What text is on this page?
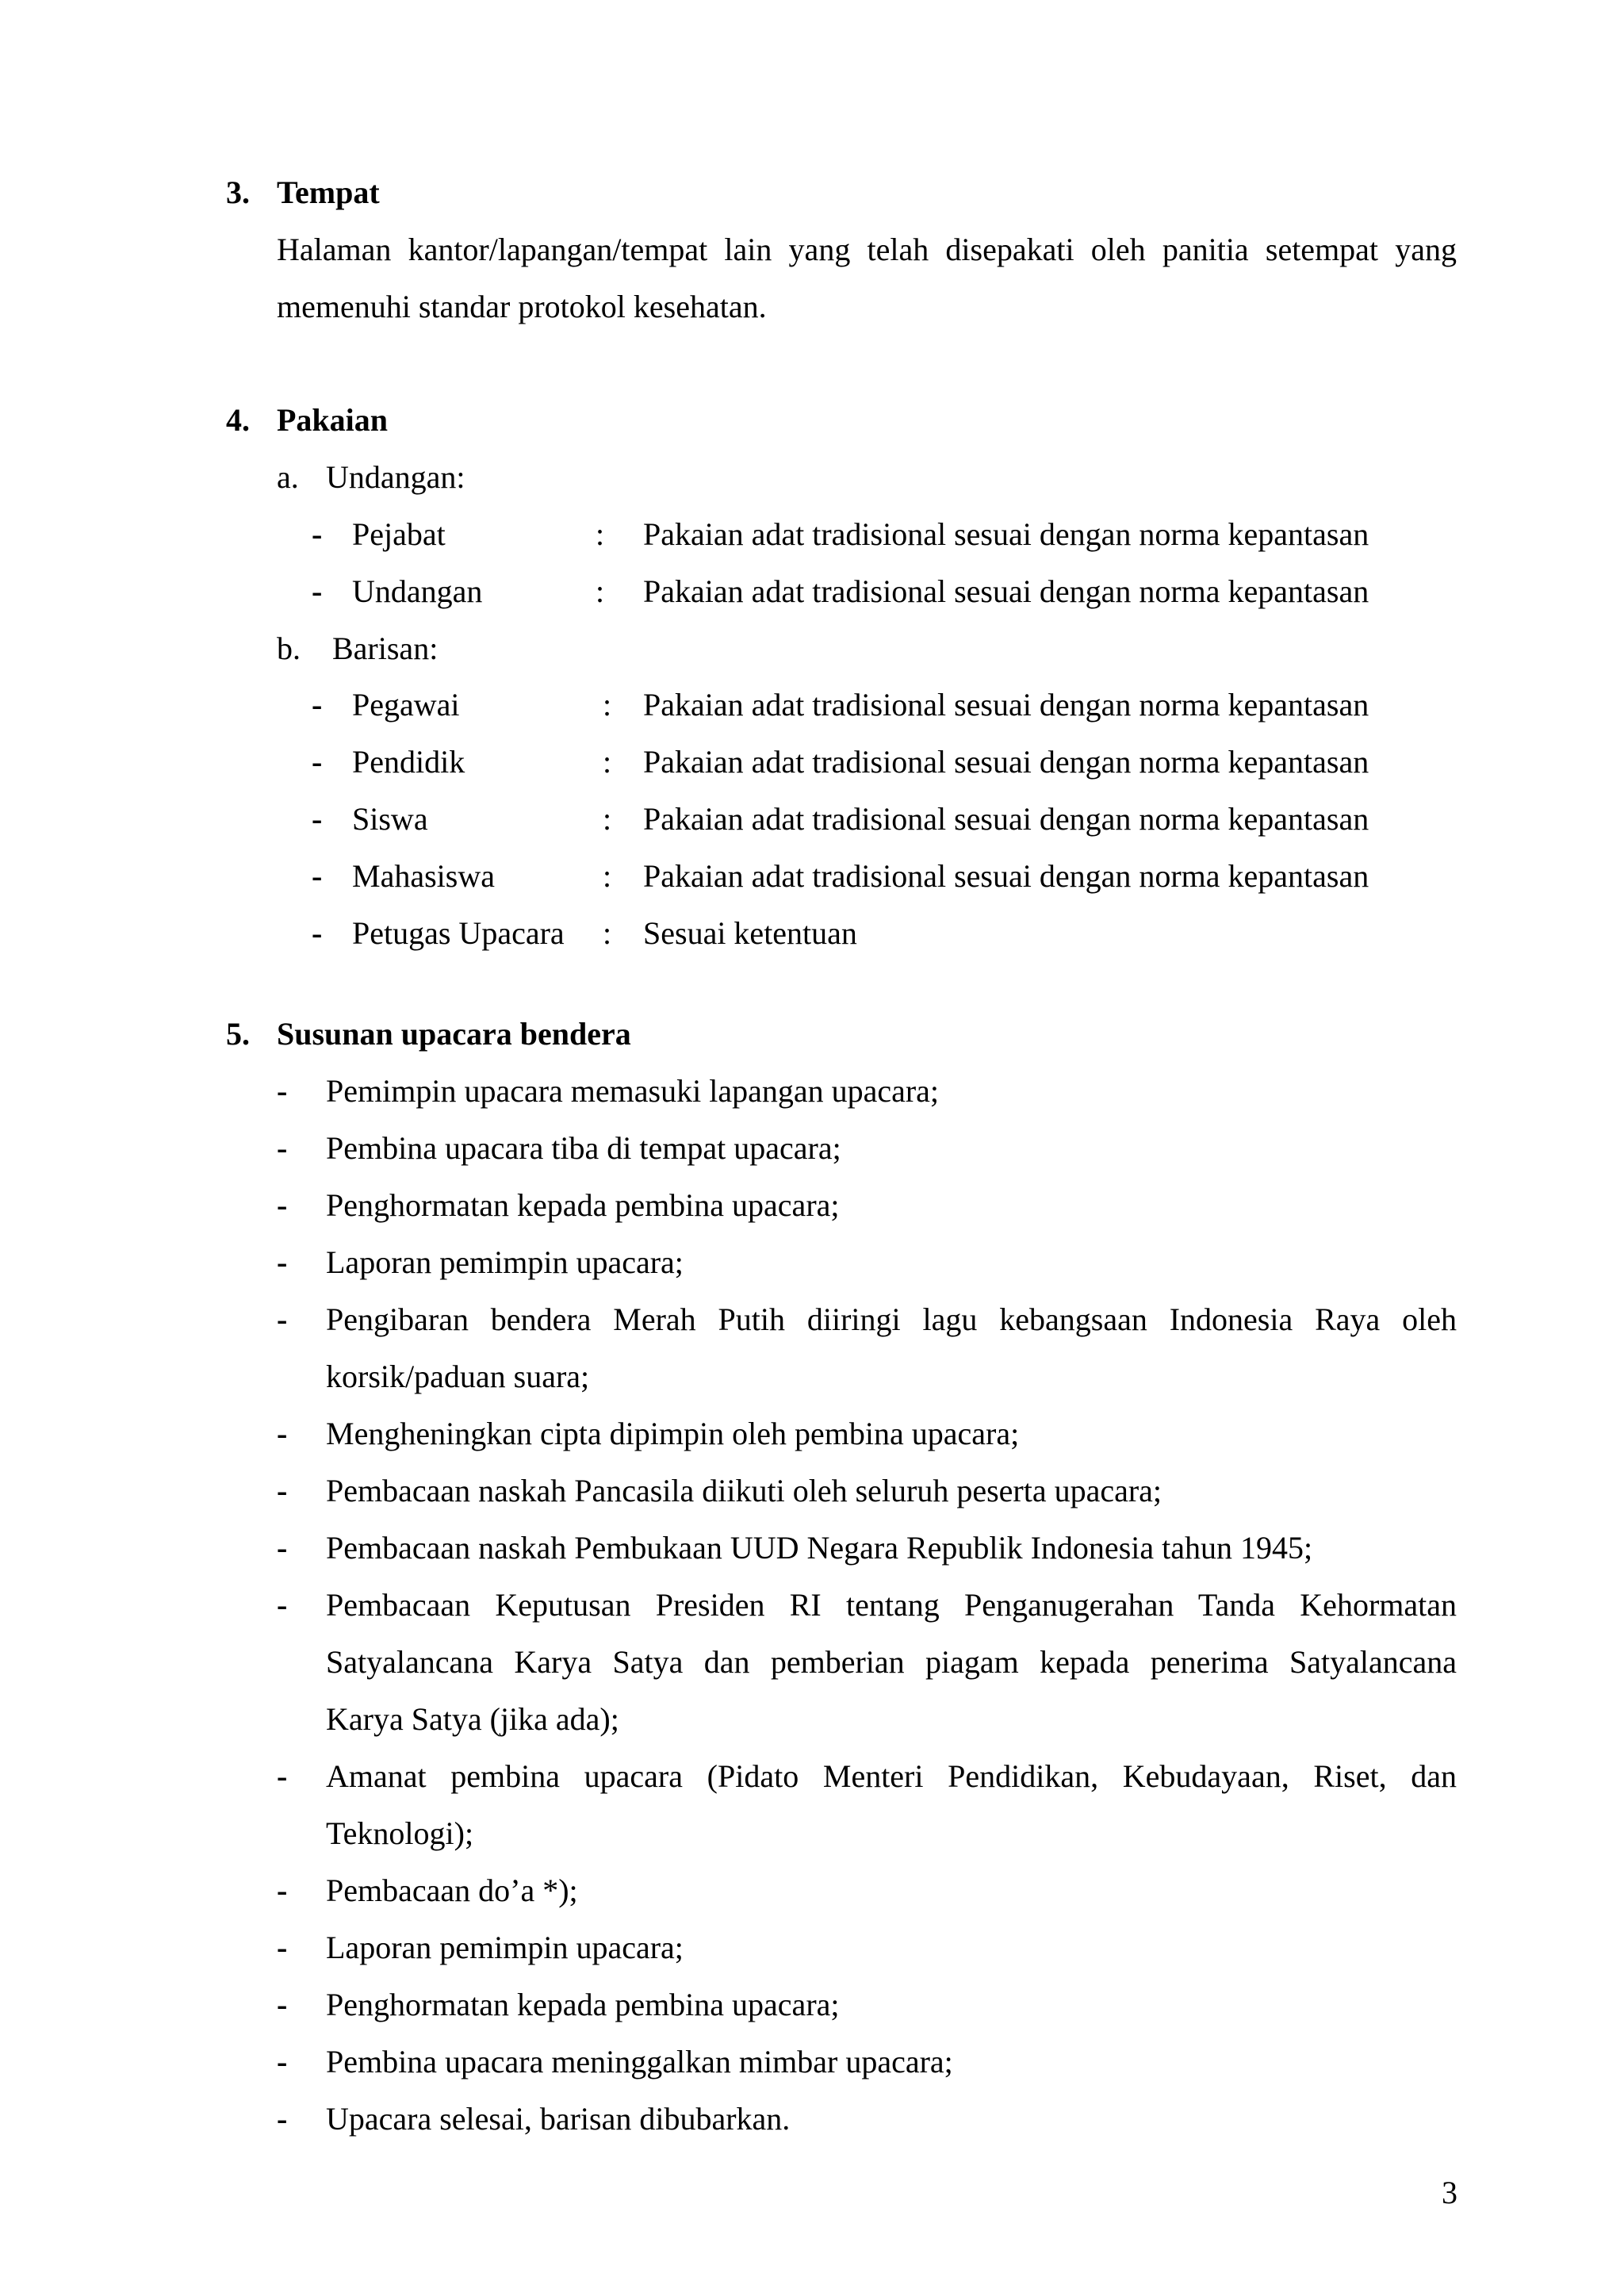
3. Tempat
Halaman kantor/lapangan/tempat lain yang telah disepakati oleh panitia setempat yang
memenuhi standar protokol kesehatan.
4. Pakaian
a. Undangan:
- Pejabat	: Pakaian adat tradisional sesuai dengan norma kepantasan
- Undangan	: Pakaian adat tradisional sesuai dengan norma kepantasan
b. Barisan:
- Pegawai	: Pakaian adat tradisional sesuai dengan norma kepantasan
- Pendidik	: Pakaian adat tradisional sesuai dengan norma kepantasan
- Siswa	: Pakaian adat tradisional sesuai dengan norma kepantasan
- Mahasiswa	: Pakaian adat tradisional sesuai dengan norma kepantasan
- Petugas Upacara : Sesuai ketentuan
5. Susunan upacara bendera
- Pemimpin upacara memasuki lapangan upacara;
- Pembina upacara tiba di tempat upacara;
- Penghormatan kepada pembina upacara;
- Laporan pemimpin upacara;
- Pengibaran bendera Merah Putih diiringi lagu kebangsaan Indonesia Raya oleh
korsik/paduan suara;
- Mengheningkan cipta dipimpin oleh pembina upacara;
- Pembacaan naskah Pancasila diikuti oleh seluruh peserta upacara;
- Pembacaan naskah Pembukaan UUD Negara Republik Indonesia tahun 1945;
- Pembacaan Keputusan Presiden RI tentang Penganugerahan Tanda Kehormatan
Satyalancana Karya Satya dan pemberian piagam kepada penerima Satyalancana
Karya Satya (jika ada);
- Amanat pembina upacara (Pidato Menteri Pendidikan, Kebudayaan, Riset, dan
Teknologi);
- Pembacaan do’a *);
- Laporan pemimpin upacara;
- Penghormatan kepada pembina upacara;
- Pembina upacara meninggalkan mimbar upacara;
- Upacara selesai, barisan dibubarkan.
3
